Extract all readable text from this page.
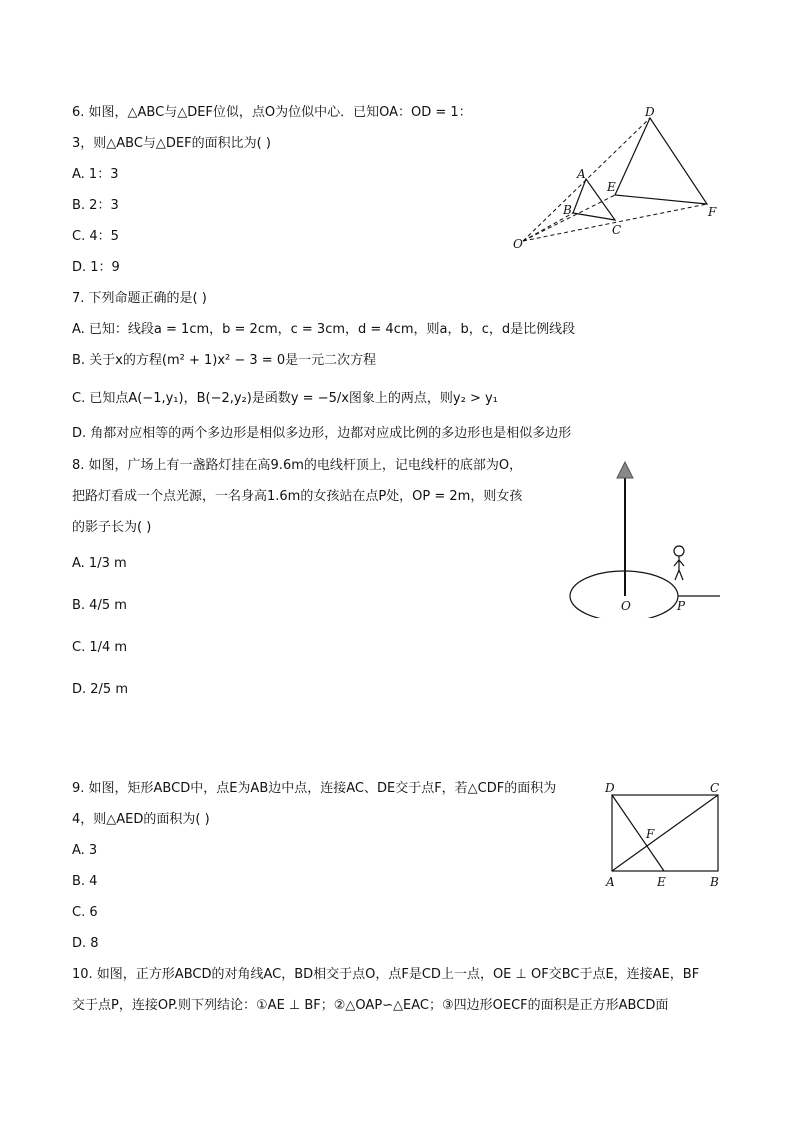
6. 如图，△ABC与△DEF位似，点O为位似中心．已知OA：OD = 1：
3，则△ABC与△DEF的面积比为( )
A. 1：3
B. 2：3
C. 4：5
D. 1：9
D
A
E
B
C
F
O
7. 下列命题正确的是( )
A. 已知：线段a = 1cm，b = 2cm，c = 3cm，d = 4cm，则a，b，c，d是比例线段
B. 关于x的方程(m² + 1)x² − 3 = 0是一元二次方程
C. 已知点A(−1,y₁)，B(−2,y₂)是函数y = −5/x图象上的两点，则y₂ > y₁
D. 角都对应相等的两个多边形是相似多边形，边都对应成比例的多边形也是相似多边形
8. 如图，广场上有一盏路灯挂在高9.6m的电线杆顶上，记电线杆的底部为O，
把路灯看成一个点光源，一名身高1.6m的女孩站在点P处，OP = 2m，则女孩
的影子长为( )
A. 1/3 m
B. 4/5 m
C. 1/4 m
D. 2/5 m
O	P
9. 如图，矩形ABCD中，点E为AB边中点，连接AC、DE交于点F，若△CDF的面积为
4，则△AED的面积为( )
A. 3
B. 4
C. 6
D. 8
D	C
F
A	E	B
10. 如图，正方形ABCD的对角线AC，BD相交于点O，点F是CD上一点，OE ⊥ OF交BC于点E，连接AE，BF
交于点P，连接OP.则下列结论：①AE ⊥ BF；②△OAP∽△EAC；③四边形OECF的面积是正方形ABCD面
